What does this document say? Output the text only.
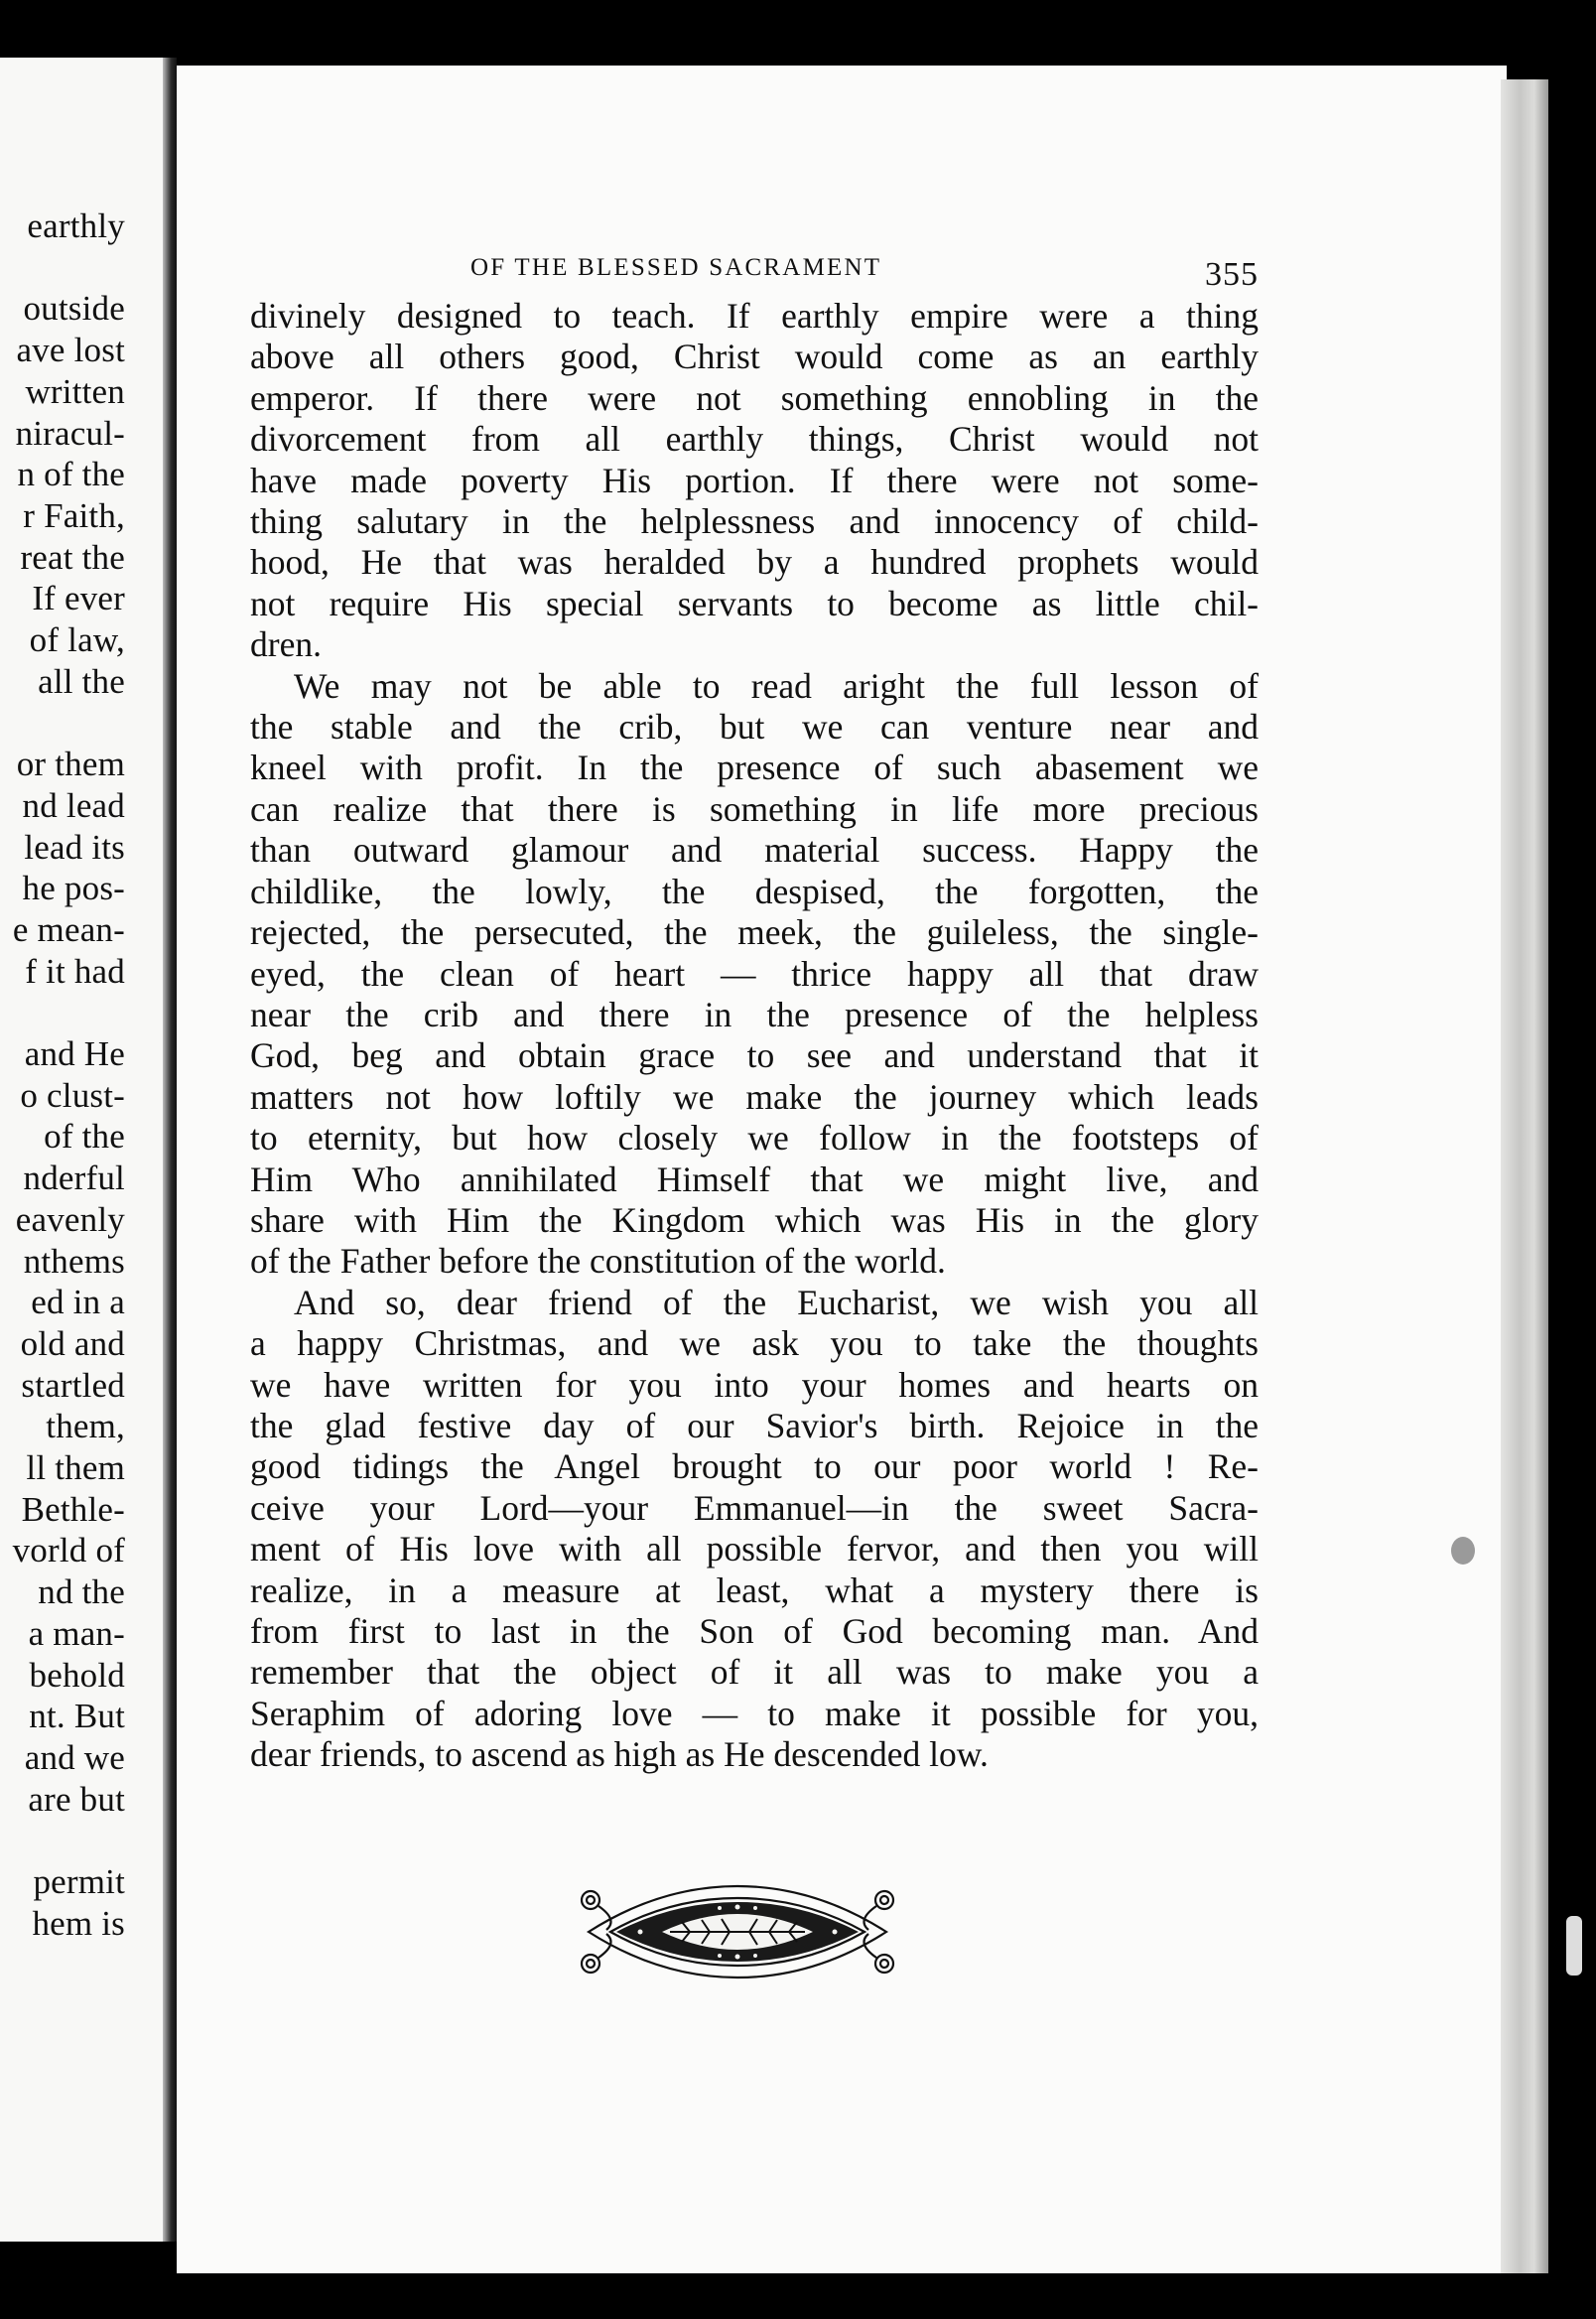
earthly
outside
ave lost
written
niracul-
n of the
r Faith,
reat the
If ever
of law,
all the
or them
nd lead
lead its
he pos-
e mean-
f it had
and He
o clust-
of the
nderful
eavenly
nthems
ed in a
old and
startled
them,
ll them
Bethle-
vorld of
nd the
a man-
behold
nt. But
and we
are but
permit
hem is
OF THE BLESSED SACRAMENT	355
divinely designed to teach. If earthly empire were a thing
above all others good, Christ would come as an earthly
emperor. If there were not something ennobling in the
divorcement from all earthly things, Christ would not
have made poverty His portion. If there were not some-
thing salutary in the helplessness and innocency of child-
hood, He that was heralded by a hundred prophets would
not require His special servants to become as little chil-
dren.
We may not be able to read aright the full lesson of
the stable and the crib, but we can venture near and
kneel with profit. In the presence of such abasement we
can realize that there is something in life more precious
than outward glamour and material success. Happy the
childlike, the lowly, the despised, the forgotten, the
rejected, the persecuted, the meek, the guileless, the single-
eyed, the clean of heart — thrice happy all that draw
near the crib and there in the presence of the helpless
God, beg and obtain grace to see and understand that it
matters not how loftily we make the journey which leads
to eternity, but how closely we follow in the footsteps of
Him Who annihilated Himself that we might live, and
share with Him the Kingdom which was His in the glory
of the Father before the constitution of the world.
And so, dear friend of the Eucharist, we wish you all
a happy Christmas, and we ask you to take the thoughts
we have written for you into your homes and hearts on
the glad festive day of our Savior's birth. Rejoice in the
good tidings the Angel brought to our poor world ! Re-
ceive your Lord—your Emmanuel—in the sweet Sacra-
ment of His love with all possible fervor, and then you will
realize, in a measure at least, what a mystery there is
from first to last in the Son of God becoming man. And
remember that the object of it all was to make you a
Seraphim of adoring love — to make it possible for you,
dear friends, to ascend as high as He descended low.
